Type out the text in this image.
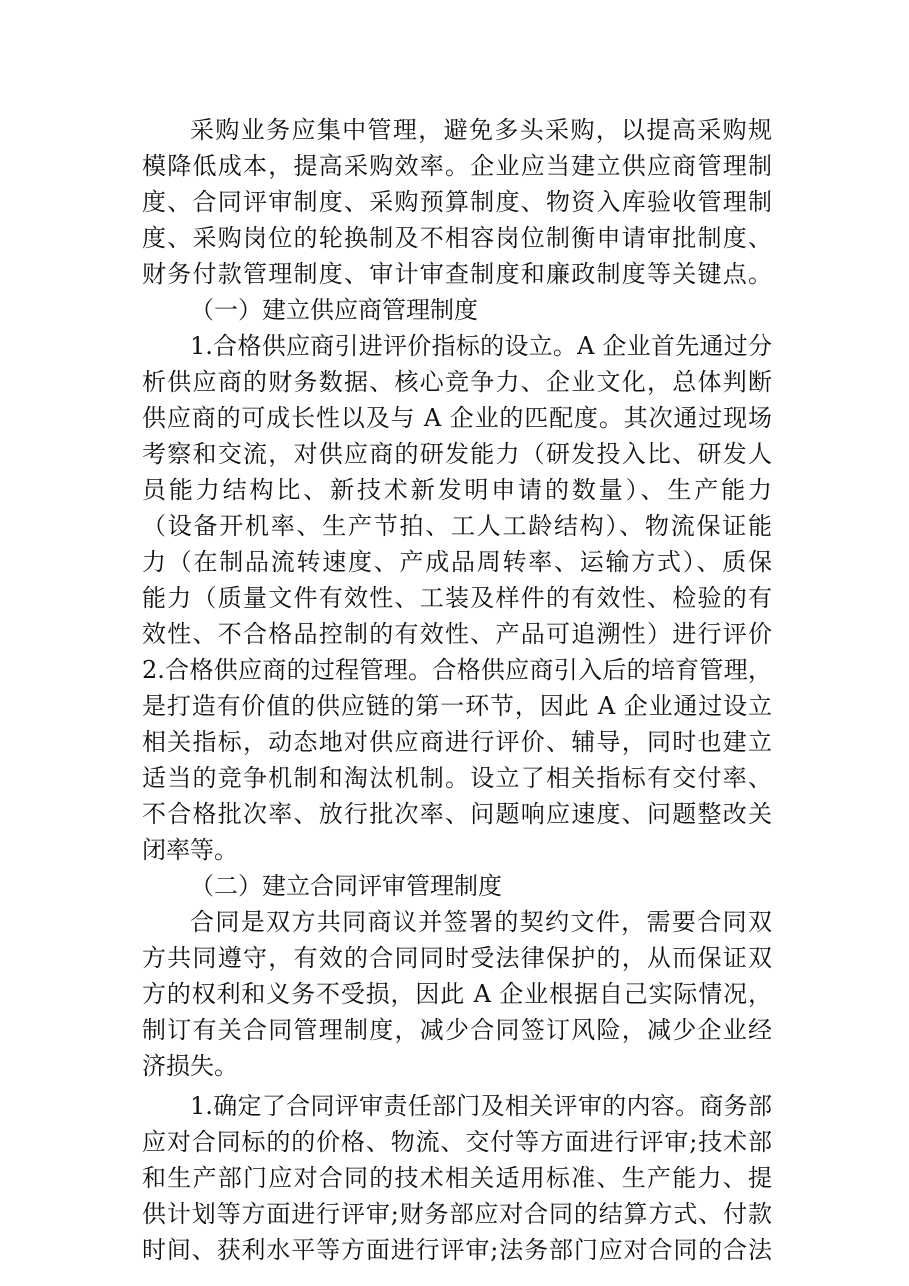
采购业务应集中管理，避免多头采购，以提高采购规
模降低成本，提高采购效率。企业应当建立供应商管理制
度、合同评审制度、采购预算制度、物资入库验收管理制
度、采购岗位的轮换制及不相容岗位制衡申请审批制度、
财务付款管理制度、审计审查制度和廉政制度等关键点。
（一）建立供应商管理制度
1.合格供应商引进评价指标的设立。A 企业首先通过分
析供应商的财务数据、核心竞争力、企业文化，总体判断
供应商的可成长性以及与 A 企业的匹配度。其次通过现场
考察和交流，对供应商的研发能力（研发投入比、研发人
员能力结构比、新技术新发明申请的数量）、生产能力
（设备开机率、生产节拍、工人工龄结构）、物流保证能
力（在制品流转速度、产成品周转率、运输方式）、质保
能力（质量文件有效性、工装及样件的有效性、检验的有
效性、不合格品控制的有效性、产品可追溯性）进行评价
2.合格供应商的过程管理。合格供应商引入后的培育管理，
是打造有价值的供应链的第一环节，因此 A 企业通过设立
相关指标，动态地对供应商进行评价、辅导，同时也建立
适当的竞争机制和淘汰机制。设立了相关指标有交付率、
不合格批次率、放行批次率、问题响应速度、问题整改关
闭率等。
（二）建立合同评审管理制度
合同是双方共同商议并签署的契约文件，需要合同双
方共同遵守，有效的合同同时受法律保护的，从而保证双
方的权利和义务不受损，因此 A 企业根据自己实际情况，
制订有关合同管理制度，减少合同签订风险，减少企业经
济损失。
1.确定了合同评审责任部门及相关评审的内容。商务部
应对合同标的的价格、物流、交付等方面进行评审;技术部
和生产部门应对合同的技术相关适用标准、生产能力、提
供计划等方面进行评审;财务部应对合同的结算方式、付款
时间、获利水平等方面进行评审;法务部门应对合同的合法
